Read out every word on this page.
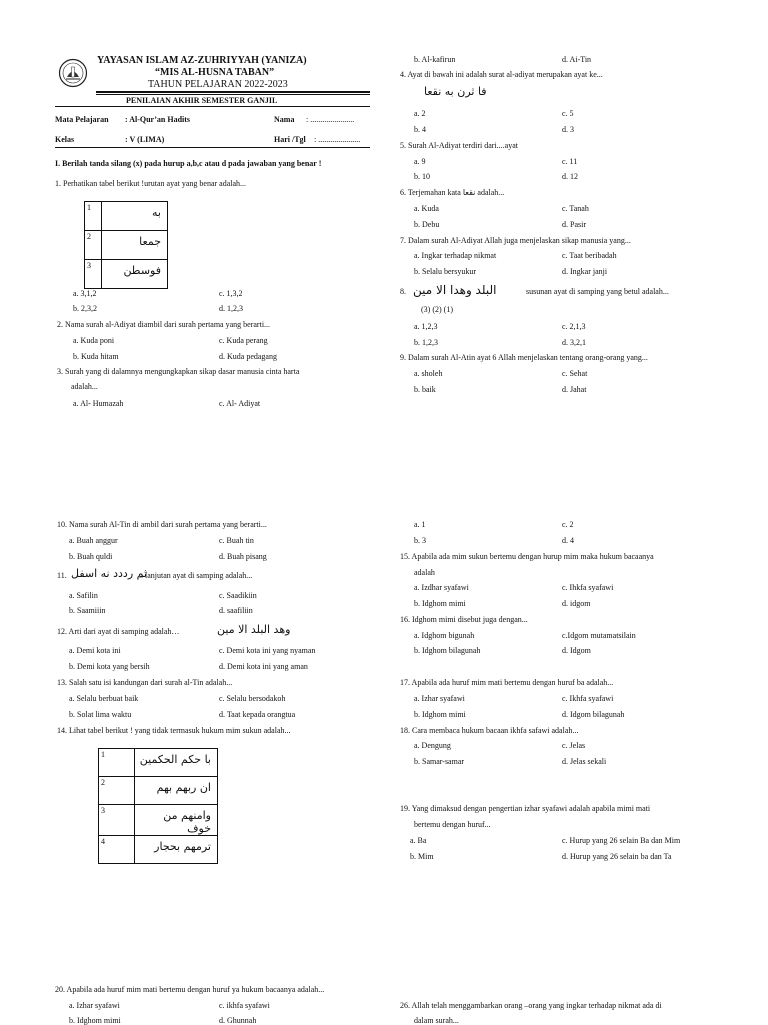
YAYASAN ISLAM AZ-ZUHRIYYAH (YANIZA)
“MIS AL-HUSNA TABAN”
TAHUN PELAJARAN 2022-2023
PENILAIAN AKHIR SEMESTER GANJIL
Mata Pelajaran : Al-Qur’an Hadits	Nama : ......................
Kelas	: V (LIMA)	Hari /Tgl : .....................
I. Berilah tanda silang (x) pada hurup a,b,c atau d pada jawaban yang benar !
1. Perhatikan tabel berikut !urutan ayat yang benar adalah...
1	به
2	جمعا
3	فوسطن
a. 3,1,2	c. 1,3,2
b. 2,3,2	d. 1,2,3
2. Nama surah al-Adiyat diambil dari surah pertama yang berarti...
a. Kuda poni	c. Kuda perang
b. Kuda hitam	d. Kuda pedagang
3. Surah yang di dalamnya mengungkapkan sikap dasar manusia cinta harta
adalah...
a. Al- Humazah	c. Al- Adiyat
b. Al-kafirun	d. Ai-Tin
4. Ayat di bawah ini adalah surat al-adiyat merupakan ayat ke...
فا ثرن به نقعا
a. 2	c. 5
b. 4	d. 3
5. Surah Al-Adiyat terdiri dari....ayat
a. 9	c. 11
b. 10	d. 12
6. Terjemahan kata نقعا adalah...
a. Kuda	c. Tanah
b. Debu	d. Pasir
7. Dalam surah Al-Adiyat Allah juga menjelaskan sikap manusia yang...
a. Ingkar terhadap nikmat	c. Taat beribadah
b. Selalu bersyukur	d. Ingkar janji
8. البلد وهدا الا مين	susunan ayat di samping yang betul adalah...
(3) (2) (1)
a. 1,2,3	c. 2,1,3
b. 1,2,3	d. 3,2,1
9. Dalam surah Al-Atin ayat 6 Allah menjelaskan tentang orang-orang yang...
a. sholeh	c. Sehat
b. baik	d. Jahat
10. Nama surah Al-Tin di ambil dari surah pertama yang berarti...
a. Buah anggur	c. Buah tin
b. Buah quldi	d. Buah pisang
11. ثم رددد نه اسفل
... lanjutan ayat di samping adalah...
a. Safilin	c. Saadikiin
b. Saamiiin	d. saafiliin
12. Arti dari ayat di samping adalah…	وهد البلد الا مين
a. Demi kota ini	c. Demi kota ini yang nyaman
b. Demi kota yang bersih	d. Demi kota ini yang aman
13. Salah satu isi kandungan dari surah al-Tin adalah...
a. Selalu berbuat baik	c. Selalu bersodakoh
b. Solat lima waktu	d. Taat kepada orangtua
14. Lihat tabel berikut ! yang tidak termasuk hukum mim sukun adalah...
1	با حكم الحكمين
2	ان ربهم بهم
3	وامنهم من خوف
4	ترمهم بحجار
a. 1	c. 2
b. 3	d. 4
15. Apabila ada mim sukun bertemu dengan hurup mim maka hukum bacaanya
adalah
a. Izdhar syafawi	c. Ihkfa syafawi
b. Idghom mimi	d. idgom
16. Idghom mimi disebut juga dengan...
a. Idghom bigunah	c.Idgom mutamatsilain
b. Idghom bilagunah	d. Idgom
17. Apabila ada huruf mim mati bertemu dengan huruf ba adalah...
a. Izhar syafawi	c. Ikhfa syafawi
b. Idghom mimi	d. Idgom bilagunah
18. Cara membaca hukum bacaan ikhfa safawi adalah...
a. Dengung	c. Jelas
b. Samar-samar	d. Jelas sekali
19. Yang dimaksud dengan pengertian izhar syafawi adalah apabila mimi mati
bertemu dengan huruf...
a. Ba	c. Hurup yang 26 selain Ba dan Mim
b. Mim	d. Hurup yang 26 selain ba dan Ta
20. Apabila ada huruf mim mati bertemu dengan huruf ya hukum bacaanya adalah...
a. Izhar syafawi	c. ikhfa syafawi
b. Idghom mimi	d. Ghunnah
26. Allah telah menggambarkan orang –orang yang ingkar terhadap nikmat ada di
dalam surah...
